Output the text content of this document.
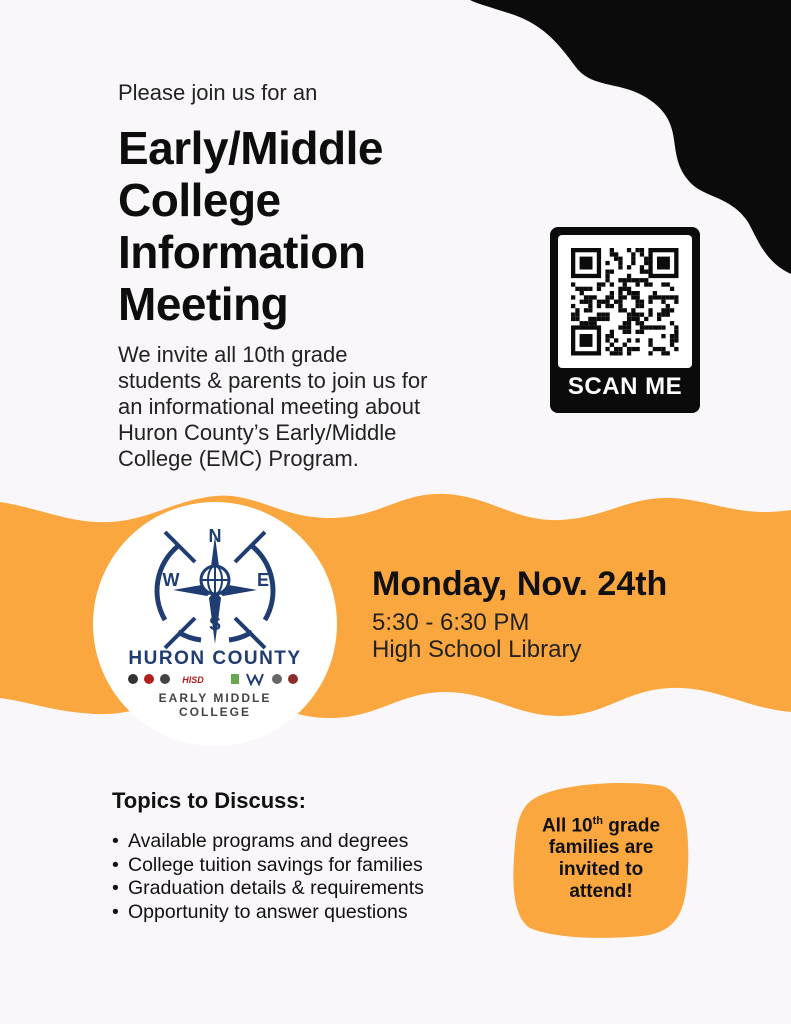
Please join us for an
Early/Middle
College
Information
Meeting
We invite all 10th grade
students & parents to join us for
an informational meeting about
Huron County’s Early/Middle
College (EMC) Program.
SCAN ME
N
S
W	E
HURON COUNTY
HISD
EARLY MIDDLE
COLLEGE
Monday, Nov. 24th
5:30 - 6:30 PM
High School Library
Topics to Discuss:
• Available programs and degrees
• College tuition savings for families
• Graduation details & requirements
• Opportunity to answer questions
All 10th grade
families are
invited to
attend!
